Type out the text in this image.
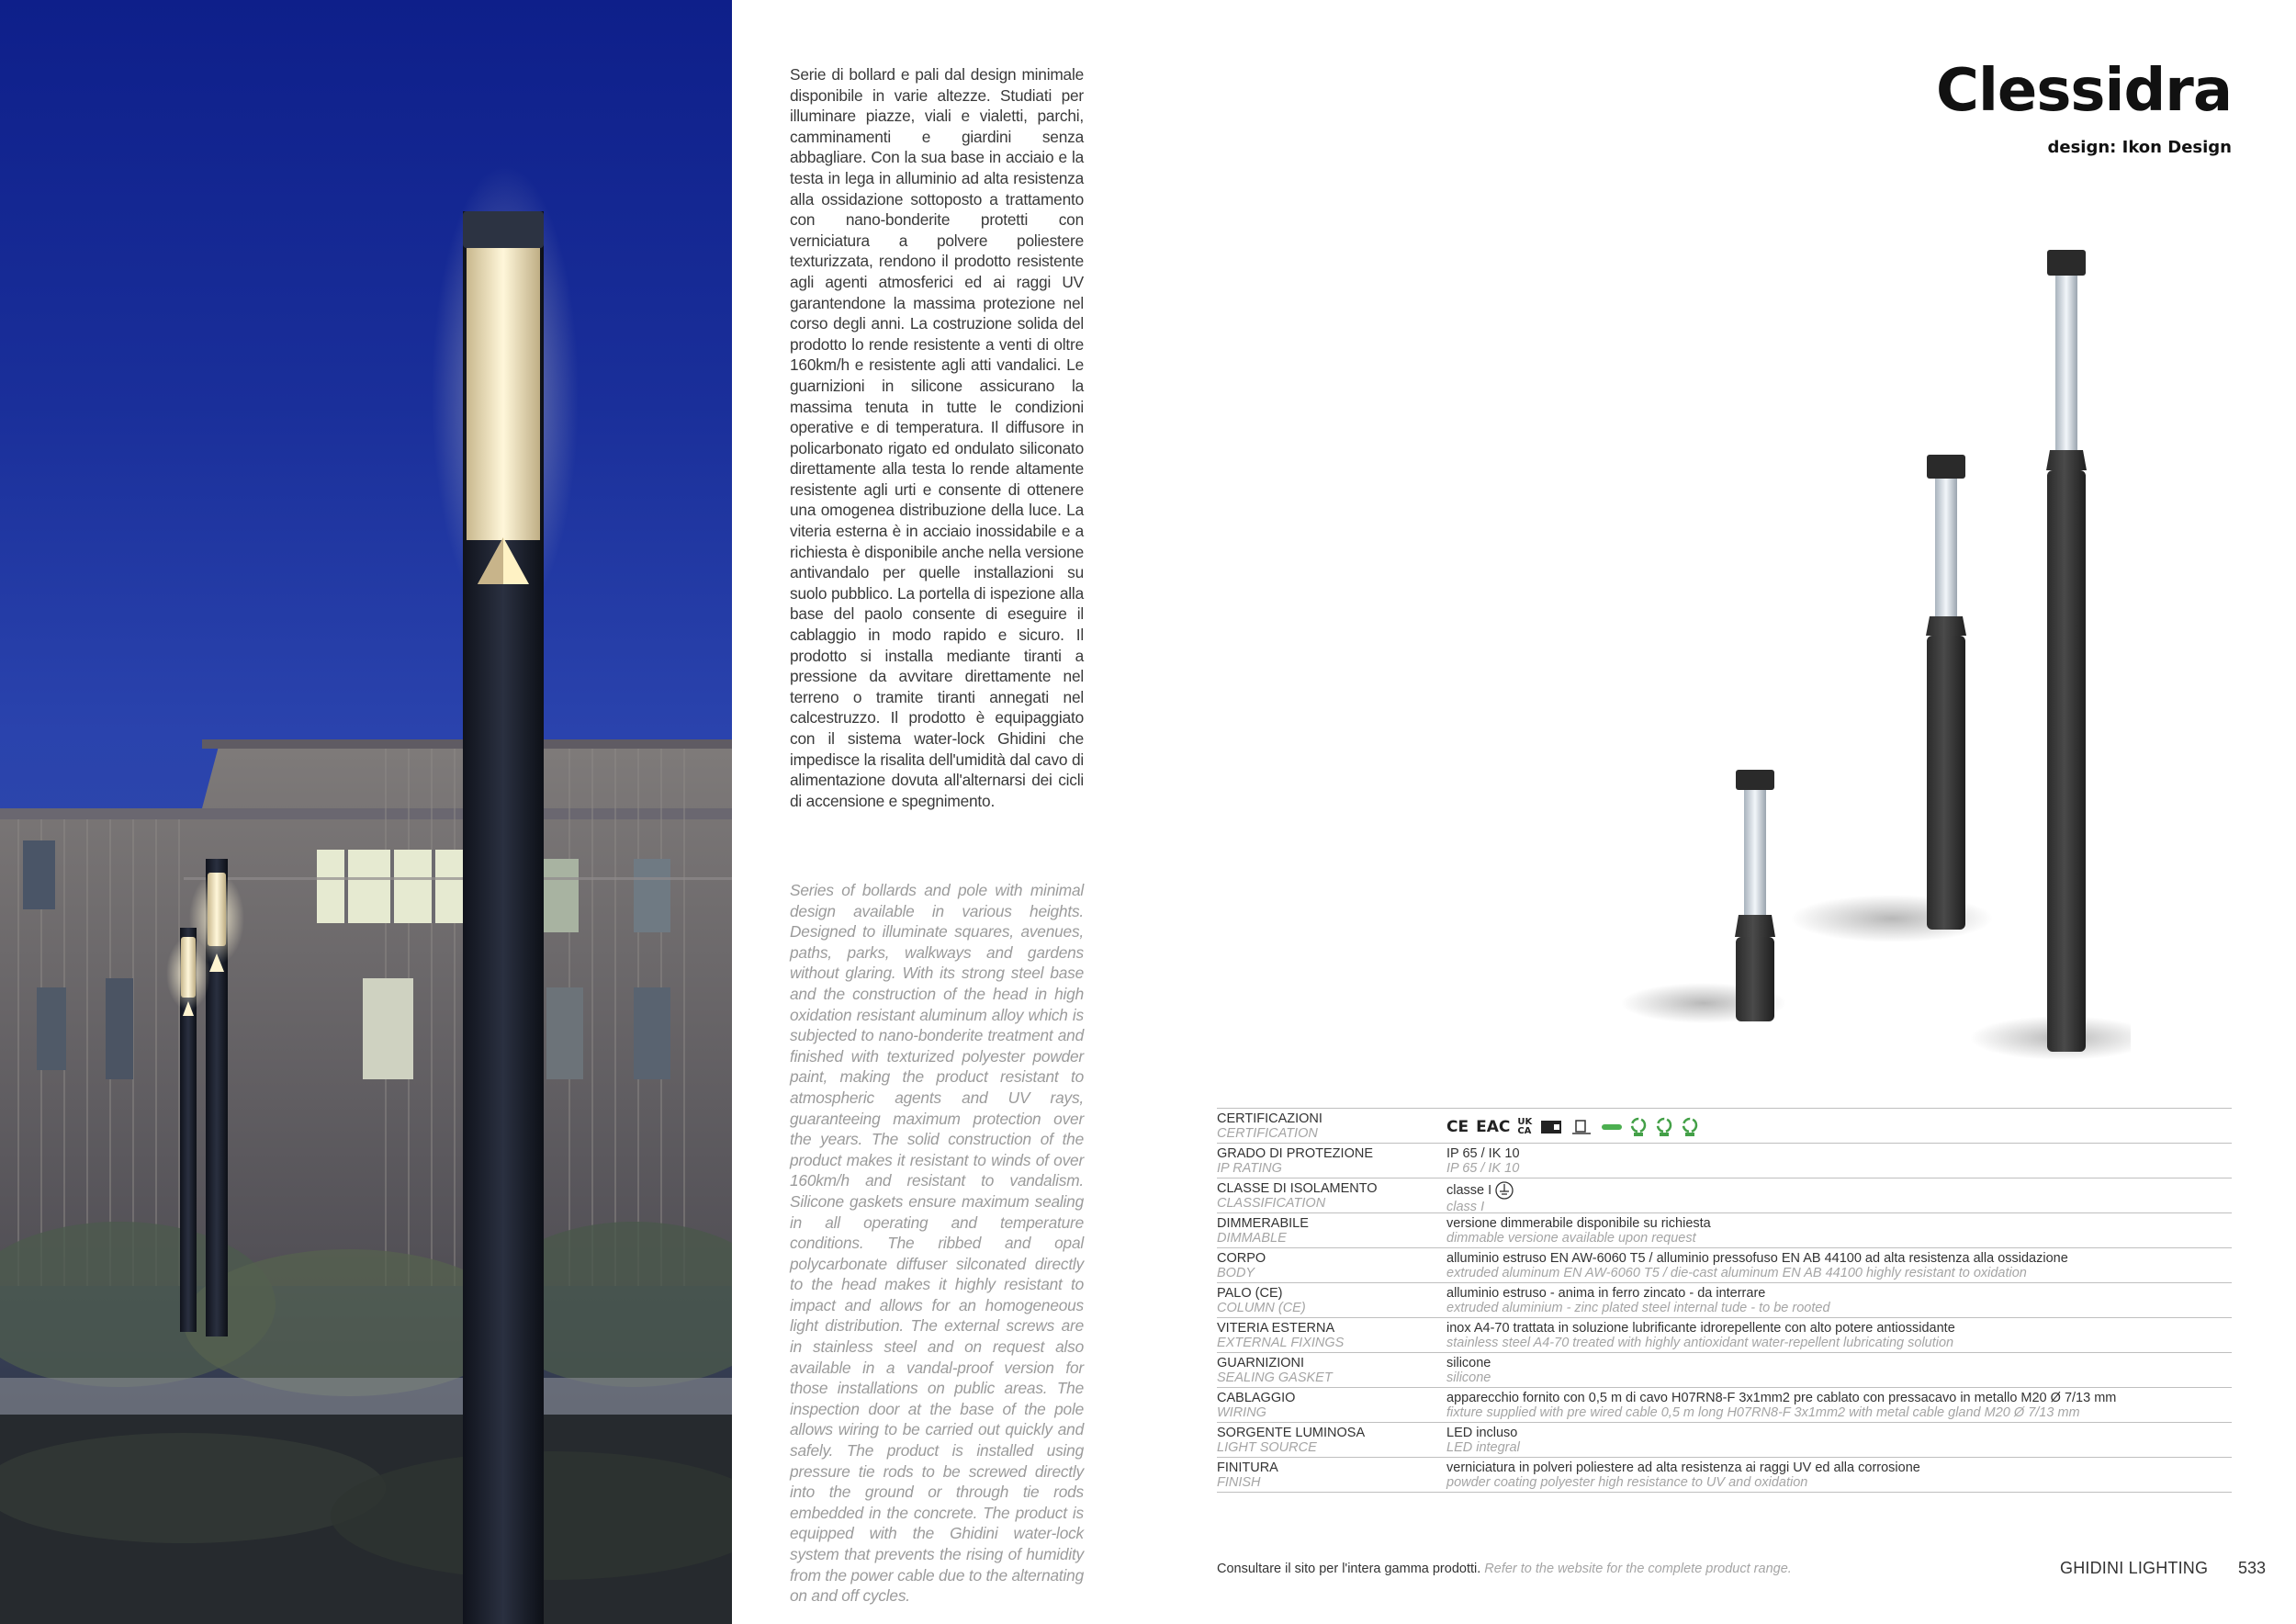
Serie di bollard e pali dal design minimale disponibile in varie altezze. Studiati per illuminare piazze, viali e vialetti, parchi, camminamenti e giardini senza abbagliare. Con la sua base in acciaio e la testa in lega in alluminio ad alta resistenza alla ossidazione sottoposto a trattamento con nano-bonderite protetti con verniciatura a polvere poliestere texturizzata, rendono il prodotto resistente agli agenti atmosferici ed ai raggi UV garantendone la massima protezione nel corso degli anni. La costruzione solida del prodotto lo rende resistente a venti di oltre 160km/h e resistente agli atti vandalici. Le guarnizioni in silicone assicurano la massima tenuta in tutte le condizioni operative e di temperatura. Il diffusore in policarbonato rigato ed ondulato siliconato direttamente alla testa lo rende altamente resistente agli urti e consente di ottenere una omogenea distribuzione della luce. La viteria esterna è in acciaio inossidabile e a richiesta è disponibile anche nella versione antivandalo per quelle installazioni su suolo pubblico. La portella di ispezione alla base del paolo consente di eseguire il cablaggio in modo rapido e sicuro. Il prodotto si installa mediante tiranti a pressione da avvitare direttamente nel terreno o tramite tiranti annegati nel calcestruzzo. Il prodotto è equipaggiato con il sistema water-lock Ghidini che impedisce la risalita dell'umidità dal cavo di alimentazione dovuta all'alternarsi dei cicli di accensione e spegnimento.
Series of bollards and pole with minimal design available in various heights. Designed to illuminate squares, avenues, paths, parks, walkways and gardens without glaring. With its strong steel base and the construction of the head in high oxidation resistant aluminum alloy which is subjected to nano-bonderite treatment and finished with texturized polyester powder paint, making the product resistant to atmospheric agents and UV rays, guaranteeing maximum protection over the years. The solid construction of the product makes it resistant to winds of over 160km/h and resistant to vandalism. Silicone gaskets ensure maximum sealing in all operating and temperature conditions. The ribbed and opal polycarbonate diffuser silconated directly to the head makes it highly resistant to impact and allows for an homogeneous light distribution. The external screws are in stainless steel and on request also available in a vandal-proof version for those installations on public areas. The inspection door at the base of the pole allows wiring to be carried out quickly and safely. The product is installed using pressure tie rods to be screwed directly into the ground or through tie rods embedded in the concrete. The product is equipped with the Ghidini water-lock system that prevents the rising of humidity from the power cable due to the alternating on and off cycles.
Clessidra
design: Ikon Design
CERTIFICAZIONI
CERTIFICATION	CE EAC UK CA
GRADO DI PROTEZIONE
IP RATING
IP 65 / IK 10
IP 65 / IK 10
CLASSE DI ISOLAMENTO
CLASSIFICATION
classe I
class I
DIMMERABILE
DIMMABLE
versione dimmerabile disponibile su richiesta
dimmable versione available upon request
CORPO
BODY
alluminio estruso EN AW-6060 T5 / alluminio pressofuso EN AB 44100 ad alta resistenza alla ossidazione
extruded aluminum EN AW-6060 T5 / die-cast aluminum EN AB 44100 highly resistant to oxidation
PALO (CE)
COLUMN (CE)
alluminio estruso - anima in ferro zincato - da interrare
extruded aluminium - zinc plated steel internal tude - to be rooted
VITERIA ESTERNA
EXTERNAL FIXINGS
inox A4-70 trattata in soluzione lubrificante idrorepellente con alto potere antiossidante
stainless steel A4-70 treated with highly antioxidant water-repellent lubricating solution
GUARNIZIONI
SEALING GASKET
silicone
silicone
CABLAGGIO
WIRING
apparecchio fornito con 0,5 m di cavo H07RN8-F 3x1mm2 pre cablato con pressacavo in metallo M20 Ø 7/13 mm
fixture supplied with pre wired cable 0,5 m long H07RN8-F 3x1mm2 with metal cable gland M20 Ø 7/13 mm
SORGENTE LUMINOSA
LIGHT SOURCE
LED incluso
LED integral
FINITURA
FINISH
verniciatura in polveri poliestere ad alta resistenza ai raggi UV ed alla corrosione
powder coating polyester high resistance to UV and oxidation
Consultare il sito per l'intera gamma prodotti. Refer to the website for the complete product range.	GHIDINI LIGHTING 533
